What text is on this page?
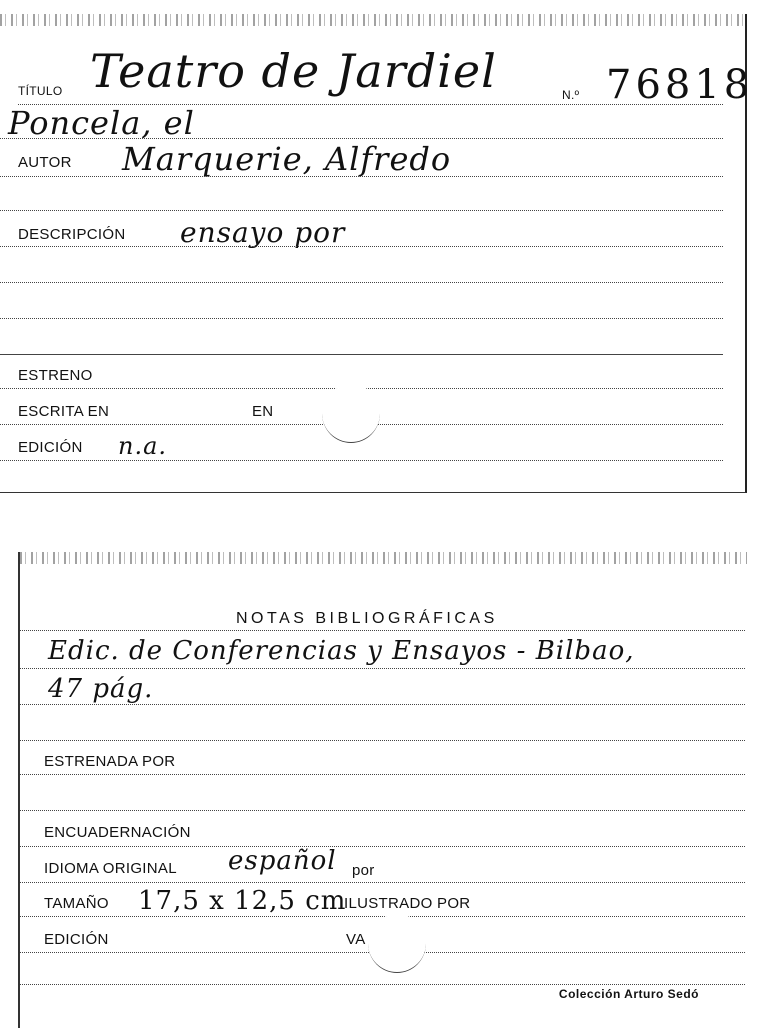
TÍTULO Teatro de Jardiel	N.º 76818
Poncela, el
AUTOR Marquerie, Alfredo
DESCRIPCIÓN ensayo por
ESTRENO
ESCRITA EN	EN
EDICIÓN n.a.
NOTAS BIBLIOGRÁFICAS
Edic. de Conferencias y Ensayos - Bilbao,
47 pág.
ESTRENADA POR
ENCUADERNACIÓN
IDIOMA ORIGINAL español por
TAMAÑO 17,5 x 12,5 cm
ILUSTRADO POR
EDICIÓN	VA
Colección Arturo Sedó
